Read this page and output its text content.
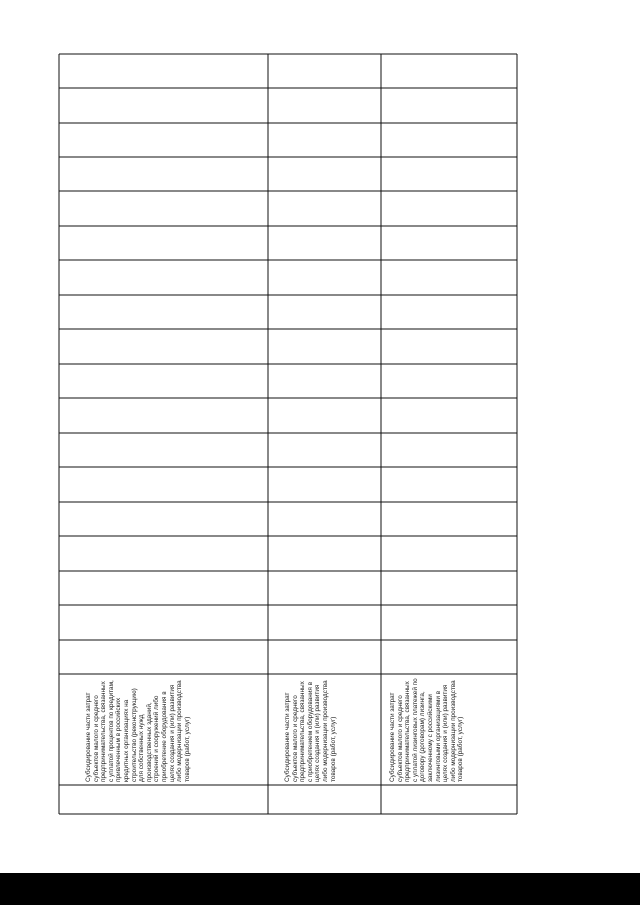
Субсидирование части затрат субъектов малого и среднего предпринимательства, связанных с уплатой процентов по кредитам, привлеченным в российских кредитных организациях на строительство (реконструкцию) для собственных нужд производственных зданий, строений и сооружений либо приобретение оборудования в целях создания и (или) развития либо модернизации производства товаров (работ, услуг)	Субсидирование части затрат субъектов малого и среднего предпринимательства, связанных с приобретением оборудования в целях создания и (или) развития либо модернизации производства товаров (работ, услуг)	Субсидирование части затрат субъектов малого и среднего предпринимательства, связанных с уплатой лизинговых платежей по договору (договорам) лизинга, заключенному с российскими лизинговыми организациями в целях создания и (или) развития либо модернизации производства товаров (работ, услуг)
